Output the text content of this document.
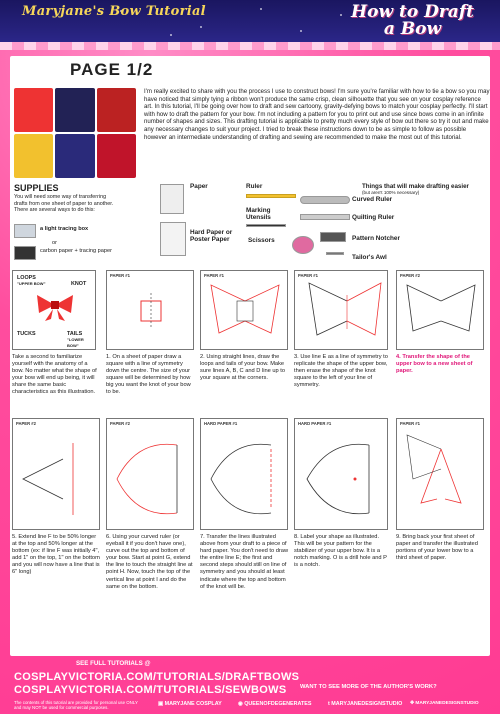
Maryjane's Bow Tutorial	How to Draft
a Bow
PAGE 1/2
I'm really excited to share with you the process I use to construct bows! I'm sure you're familiar with how to tie a bow so you may have noticed that simply tying a ribbon won't produce the same crisp, clean silhouette that you see on your cosplay reference art. In this tutorial, I'll be going over how to draft and sew cartoony, gravity-defying bows to match your cosplay perfectly. I'll start with how to draft the pattern for your bow. I'm not including a pattern for you to print out and use since bows come in an infinite number of shapes and sizes. This drafting tutorial is applicable to pretty much every style of bow out there so try it out and make any necessary changes to suit your project. I tried to break these instructions down to be as simple to follow as possible however an intermediate understanding of drafting and sewing are recommended to make the most out of this tutorial.
SUPPLIES
You will need some way of transferring drafts from one sheet of paper to another. There are several ways to do this:
a light tracing box
or
carbon paper + tracing paper
Paper
Hard Paper or Poster Paper
Ruler
Marking Utensils
Scissors
Things that will make drafting easier
(but aren't 100% necessary)
Curved Ruler
Quilting Ruler
Pattern Notcher
Tailor's Awl
LOOPS
"UPPER BOW"	KNOT
TUCKS	TAILS
"LOWER BOW"
PAPER #1	PAPER #1	PAPER #1	PAPER #2
Take a second to familiarize yourself with the anatomy of a bow. No matter what the shape of your bow will end up being, it will share the same basic characteristics as this illustration.
1. On a sheet of paper draw a square with a line of symmetry down the centre. The size of your square will be determined by how big you want the knot of your bow to be.
2. Using straight lines, draw the loops and tails of your bow. Make sure lines A, B, C and D line up to your square at the corners.
3. Use line E as a line of symmetry to replicate the shape of the upper bow, then erase the shape of the knot square to the left of your line of symmetry.
4. Transfer the shape of the upper bow to a new sheet of paper.
PAPER #2	PAPER #2	HARD PAPER #1	HARD PAPER #1	PAPER #1
5. Extend line F to be 50% longer at the top and 50% longer at the bottom (ex: if line F was initially 4", add 1" on the top, 1" on the bottom and you will now have a line that is 6" long)
6. Using your curved ruler (or eyeball it if you don't have one), curve out the top and bottom of your bow. Start at point G, extend the line to touch the straight line at point H. Now, touch the top of the vertical line at point I and do the same on the bottom.
7. Transfer the lines illustrated above from your draft to a piece of hard paper. You don't need to draw the entire line E; the first and second steps should still on line of symmetry and you should at least indicate where the top and bottom of the knot will be.
8. Label your shape as illustrated. This will be your pattern for the stabilizer of your upper bow. It is a notch marking. O is a drill hole and P is a notch.
9. Bring back your first sheet of paper and transfer the illustrated portions of your lower bow to a third sheet of paper.
SEE FULL TUTORIALS @
COSPLAYVICTORIA.COM/TUTORIALS/DRAFTBOWS
COSPLAYVICTORIA.COM/TUTORIALS/SEWBOWS WANT TO SEE MORE OF THE AUTHOR'S WORK?
The contents of this tutorial are provided for personal use ONLY and may NOT be used for commercial purposes.
▣ MARYJANE COSPLAY	◉ QUEENOFDEGENERATES	t MARYJANEDESIGNSTUDIO ✥ MARYJANEDESIGNSTUDIO
